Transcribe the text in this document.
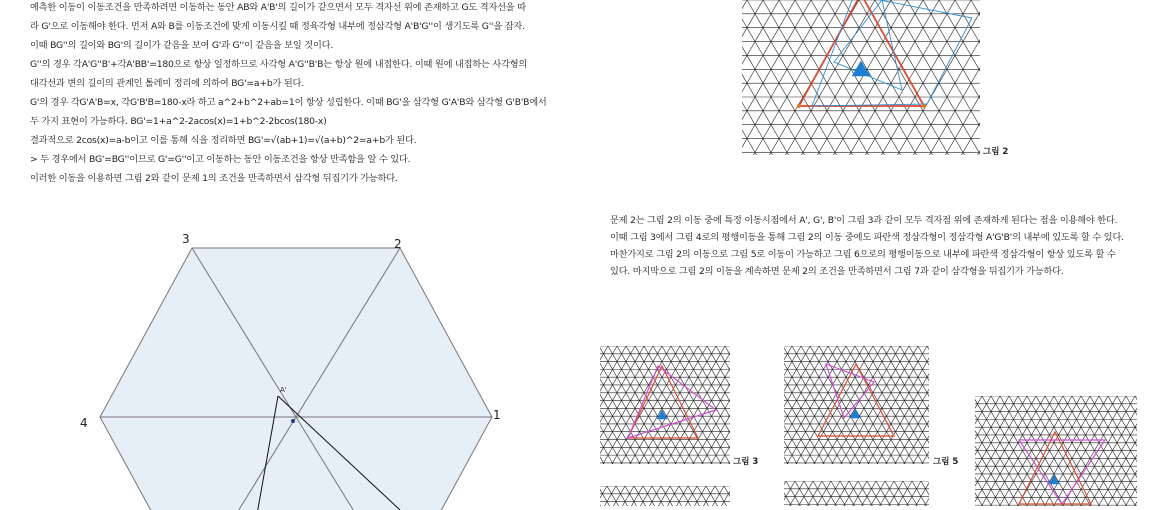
예측한 이동이 이동조건을 만족하려면 이동하는 동안 AB와 A'B'의 길이가 같으면서 모두 격자선 위에 존재하고 G도 격자선을 따

라 G'으로 이동해야 한다. 먼저 A와 B를 이동조건에 맞게 이동시킬 때 정육각형 내부에 정삼각형 A'B'G''이 생기도록 G''을 잡자.

이때 BG''의 길이와 BG'의 길이가 같음을 보여 G'과 G''이 같음을 보일 것이다.

G''의 경우 각A'G''B'+각A'BB'=180으로 항상 일정하므로 사각형 A'G''B'B는 항상 원에 내접한다. 이때 원에 내접하는 사각형의

대각선과 변의 길이의 관계인 톨레미 정리에 의하여 BG'=a+b가 된다.

G'의 경우 각G'A'B=x, 각G'B'B=180-x라 하고 a^2+b^2+ab=1이 항상 성립한다. 이때 BG'을 삼각형 G'A'B와 삼각형 G'B'B에서

두 가지 표현이 가능하다. BG'=1+a^2-2acos(x)=1+b^2-2bcos(180-x)

결과적으로 2cos(x)=a-b이고 이를 통해 식을 정리하면 BG'=√(ab+1)=√(a+b)^2=a+b가 된다.

> 두 경우에서 BG'=BG''이므로 G'=G''이고 이동하는 동안 이동조건을 항상 만족함을 알 수 있다.

이러한 이동을 이용하면 그림 2와 같이 문제 1의 조건을 만족하면서 삼각형 뒤집기가 가능하다.

문제 2는 그림 2의 이동 중에 특정 이동시점에서 A', G', B'이 그림 3과 같이 모두 격자점 위에 존재하게 된다는 점을 이용해야 한다.

이때 그림 3에서 그림 4로의 평행이동을 통해 그림 2의 이동 중에도 파란색 정삼각형이 정삼각형 A'G'B'의 내부에 있도록 할 수 있다.

마찬가지로 그림 2의 이동으로 그림 5로 이동이 가능하고 그림 6으로의 평행이동으로 내부에 파란색 정삼각형이 항상 있도록 할 수

있다. 마지막으로 그림 2의 이동을 계속하면 문제 2의 조건을 만족하면서 그림 7과 같이 삼각형을 뒤집기가 가능하다.

그림 2
그림 3	그림 5
3	2
4
1
A'
